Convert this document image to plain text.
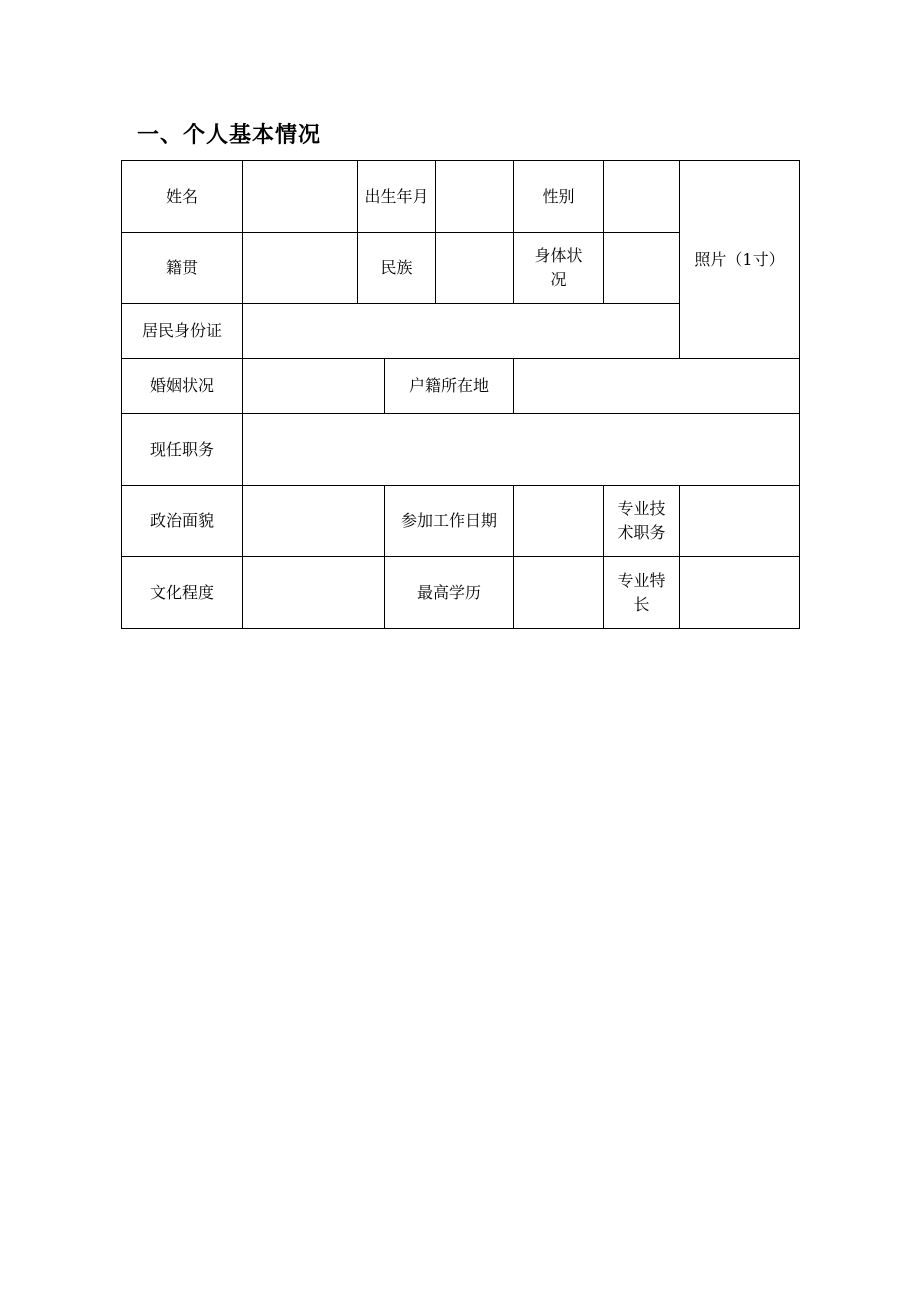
一、个人基本情况
姓名		出生年月			性别		照片（1寸）
籍贯		民族			身体状况		
居民身份证							
婚姻状况			户籍所在地				
现任职务							
政治面貌			参加工作日期			专业技术职务	
文化程度			最高学历			专业特长	
